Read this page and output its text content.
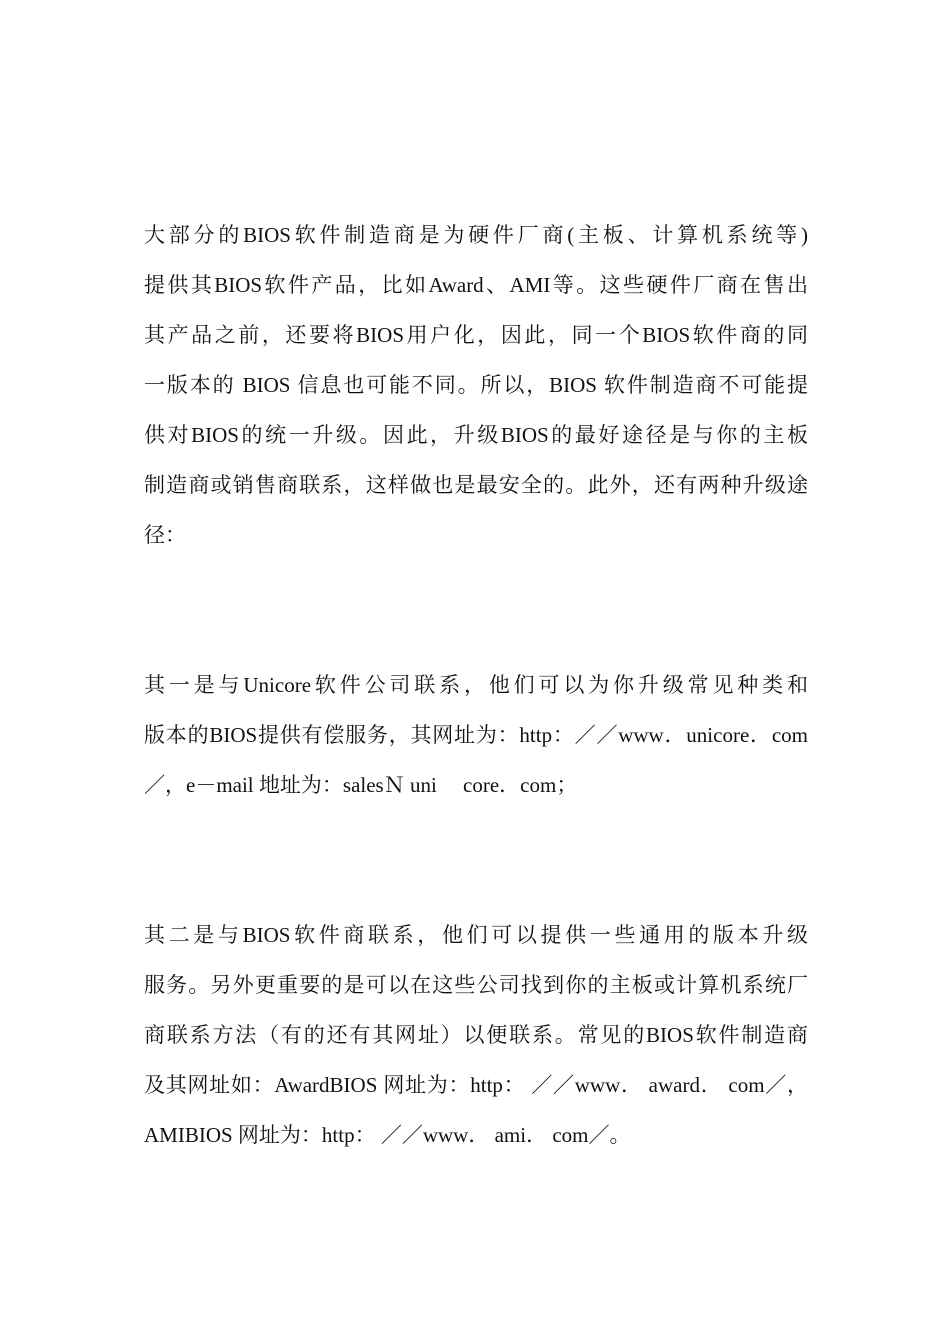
大部分的BIOS软件制造商是为硬件厂商(主板、计算机系统等)
提供其BIOS软件产品，比如Award、AMI等。这些硬件厂商在售出
其产品之前，还要将BIOS用户化，因此，同一个BIOS软件商的同
一版本的 BIOS 信息也可能不同。所以，BIOS 软件制造商不可能提
供对BIOS的统一升级。因此，升级BIOS的最好途径是与你的主板
制造商或销售商联系，这样做也是最安全的。此外，还有两种升级途
径：
其一是与Unicore软件公司联系，他们可以为你升级常见种类和
版本的BIOS提供有偿服务，其网址为：http：／／www．unicore．com
／，e－mail 地址为：salesＮ uni     core．com；
其二是与BIOS软件商联系，他们可以提供一些通用的版本升级
服务。另外更重要的是可以在这些公司找到你的主板或计算机系统厂
商联系方法（有的还有其网址）以便联系。常见的BIOS软件制造商
及其网址如：AwardBIOS 网址为：http： ／／www． award． com／，
AMIBIOS 网址为：http： ／／www． ami． com／。
